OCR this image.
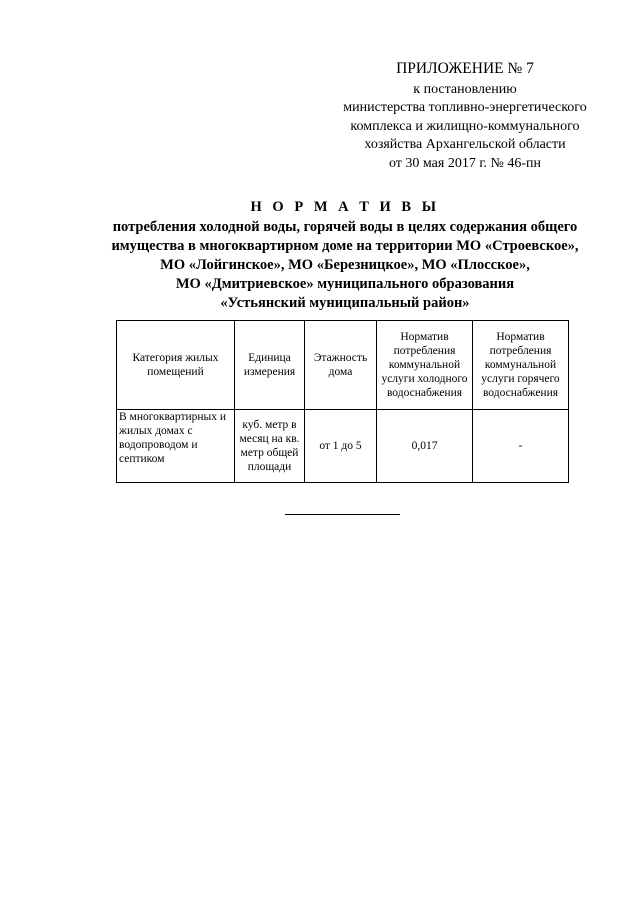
ПРИЛОЖЕНИЕ № 7
к постановлению
министерства топливно-энергетического
комплекса и жилищно-коммунального
хозяйства Архангельской области
от 30 мая 2017 г. № 46-пн
Н О Р М А Т И В Ы
потребления холодной воды, горячей воды в целях содержания общего
имущества в многоквартирном доме на территории МО «Строевское»,
МО «Лойгинское», МО «Березницкое», МО «Плосское»,
МО «Дмитриевское» муниципального образования
«Устьянский муниципальный район»
Категория жилых помещений	Единица измерения	Этажность дома	Норматив потребления коммунальной услуги холодного водоснабжения	Норматив потребления коммунальной услуги горячего водоснабжения
В многоквартирных и жилых домах с водопроводом и септиком	куб. метр в месяц на кв. метр общей площади	от 1 до 5	0,017	-
